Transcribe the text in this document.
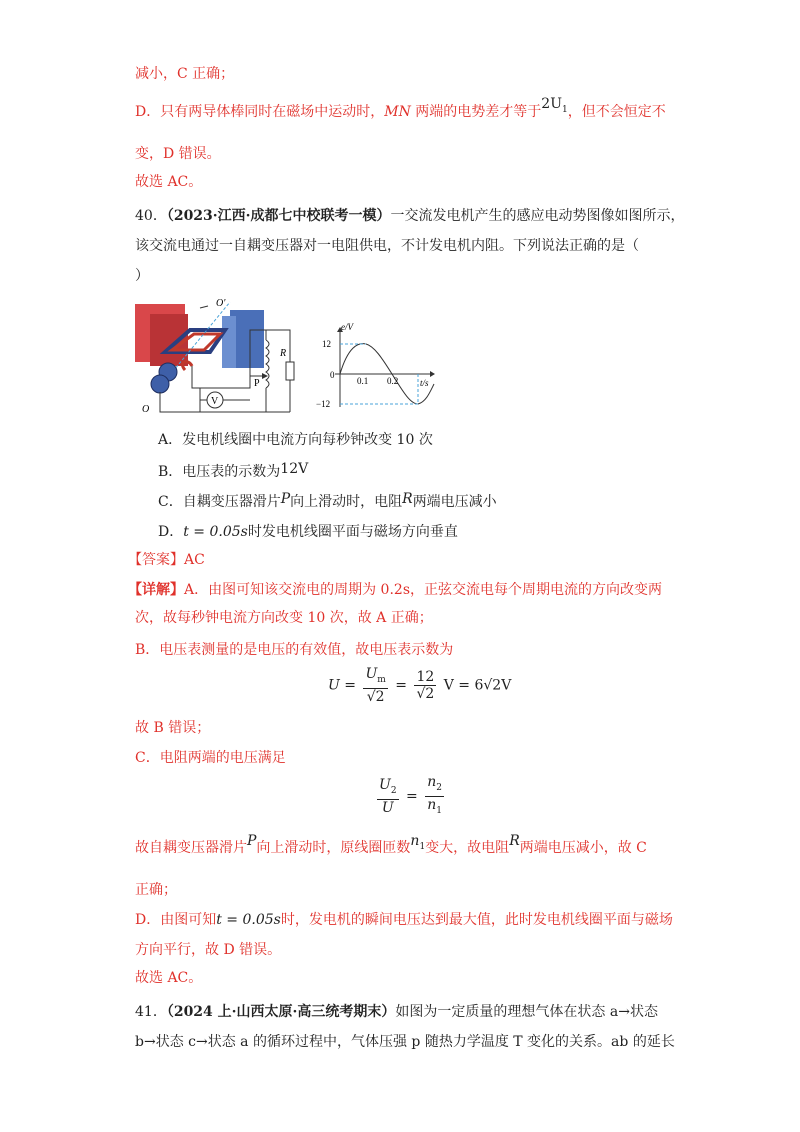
减小，C 正确；
D．只有两导体棒同时在磁场中运动时，MN 两端的电势差才等于$2U_1$，但不会恒定不
变，D 错误。
故选 AC。
40．（2023·江西·成都七中校联考一模）一交流发电机产生的感应电动势图像如图所示，
该交流电通过一自耦变压器对一电阻供电，不计发电机内阻。下列说法正确的是（
）
V
R
P
O'
O
e/V
t/s
12
−12
0
0.1 0.2
A．发电机线圈中电流方向每秒钟改变 10 次
B．电压表的示数为12V
C．自耦变压器滑片P向上滑动时，电阻R两端电压减小
D．t = 0.05s时发电机线圈平面与磁场方向垂直
【答案】AC
【详解】A．由图可知该交流电的周期为 0.2s，正弦交流电每个周期电流的方向改变两
次，故每秒钟电流方向改变 10 次，故 A 正确；
B．电压表测量的是电压的有效值，故电压表示数为
$U = \frac{U_m}{√2} = \frac{12}{√2}$ V = 6√2V
故 B 错误；
C．电阻两端的电压满足
$\frac{U_2}{U} = \frac{n_2}{n_1}$
故自耦变压器滑片P向上滑动时，原线圈匝数$n_1$变大，故电阻R两端电压减小，故 C
正确；
D．由图可知t = 0.05s时，发电机的瞬间电压达到最大值，此时发电机线圈平面与磁场
方向平行，故 D 错误。
故选 AC。
41．（2024 上·山西太原·高三统考期末）如图为一定质量的理想气体在状态 a→状态
b→状态 c→状态 a 的循环过程中，气体压强 p 随热力学温度 T 变化的关系。ab 的延长
